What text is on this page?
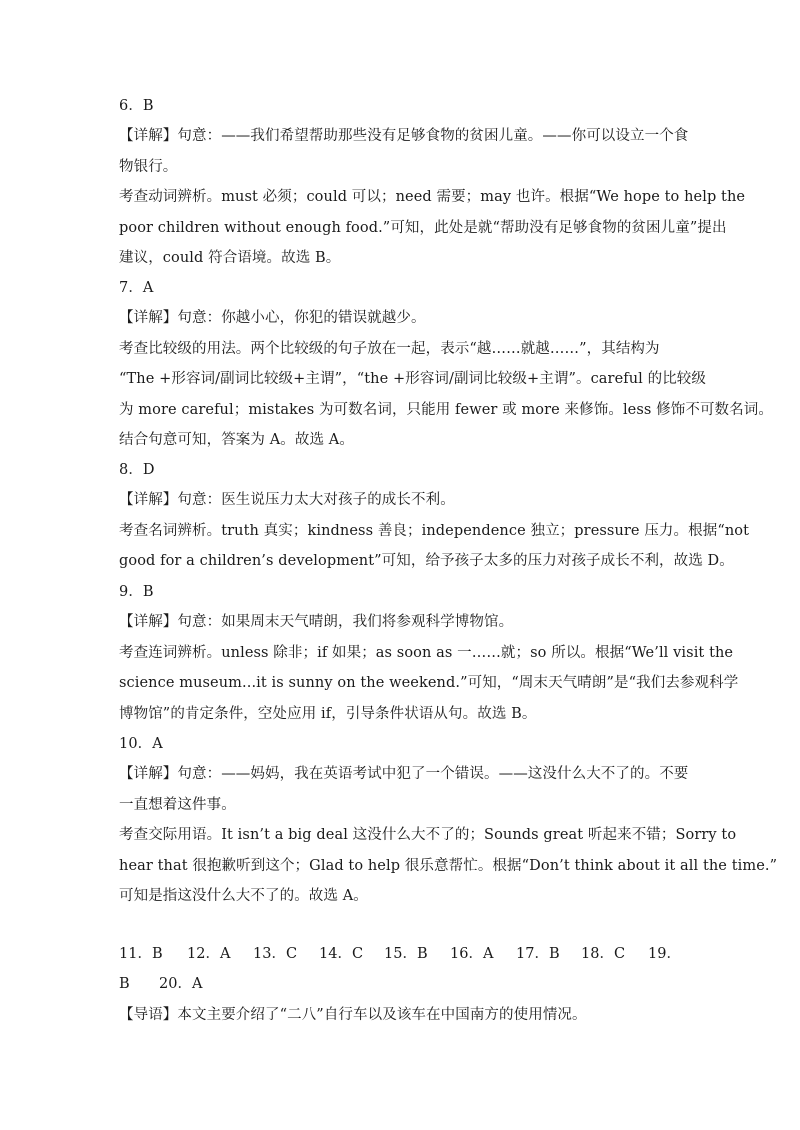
6．B
【详解】句意：——我们希望帮助那些没有足够食物的贫困儿童。——你可以设立一个食
物银行。
考查动词辨析。must 必须；could 可以；need 需要；may 也许。根据“We hope to help the
poor children without enough food.”可知，此处是就“帮助没有足够食物的贫困儿童”提出
建议，could 符合语境。故选 B。
7．A
【详解】句意：你越小心，你犯的错误就越少。
考查比较级的用法。两个比较级的句子放在一起，表示“越……就越……”，其结构为
“The +形容词/副词比较级+主谓”，“the +形容词/副词比较级+主谓”。careful 的比较级
为 more careful；mistakes 为可数名词，只能用 fewer 或 more 来修饰。less 修饰不可数名词。
结合句意可知，答案为 A。故选 A。
8．D
【详解】句意：医生说压力太大对孩子的成长不利。
考查名词辨析。truth 真实；kindness 善良；independence 独立；pressure 压力。根据“not
good for a children’s development”可知，给予孩子太多的压力对孩子成长不利，故选 D。
9．B
【详解】句意：如果周末天气晴朗，我们将参观科学博物馆。
考查连词辨析。unless 除非；if 如果；as soon as 一……就；so 所以。根据“We’ll visit the
science museum...it is sunny on the weekend.”可知，“周末天气晴朗”是“我们去参观科学
博物馆”的肯定条件，空处应用 if，引导条件状语从句。故选 B。
10．A
【详解】句意：——妈妈，我在英语考试中犯了一个错误。——这没什么大不了的。不要
一直想着这件事。
考查交际用语。It isn’t a big deal 这没什么大不了的；Sounds great 听起来不错；Sorry to
hear that 很抱歉听到这个；Glad to help 很乐意帮忙。根据“Don’t think about it all the time.”
可知是指这没什么大不了的。故选 A。
11．B 12．A 13．C 14．C 15．B 16．A 17．B 18．C 19．
B 20．A
【导语】本文主要介绍了“二八”自行车以及该车在中国南方的使用情况。
